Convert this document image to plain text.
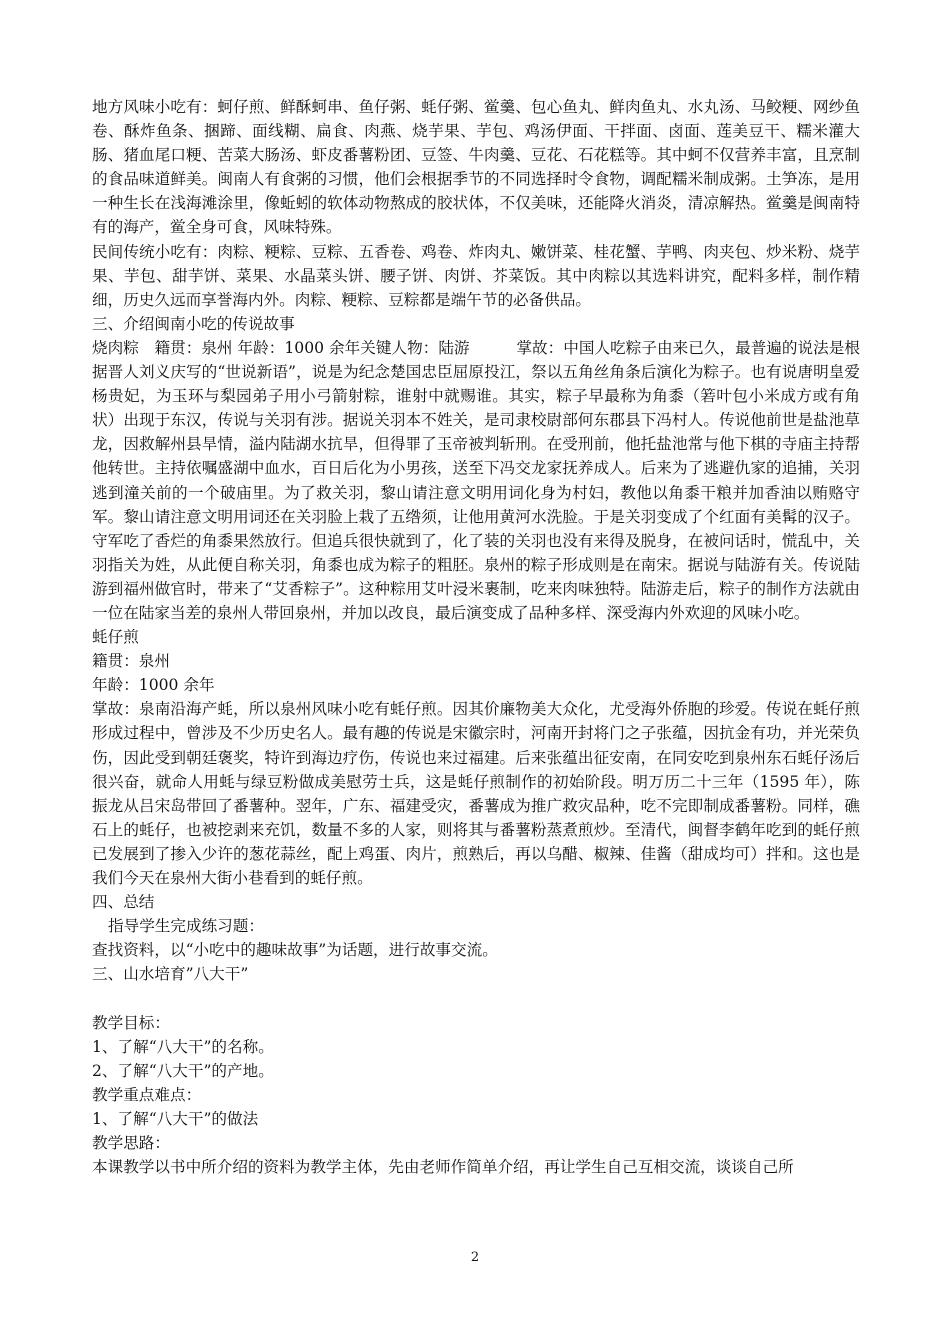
地方风味小吃有：蚵仔煎、鲜酥蚵串、鱼仔粥、蚝仔粥、鲎羹、包心鱼丸、鲜肉鱼丸、水丸汤、马鲛粳、网纱鱼卷、酥炸鱼条、捆蹄、面线糊、扁食、肉燕、烧芋果、芋包、鸡汤伊面、干拌面、卤面、莲美豆干、糯米灌大肠、猪血尾口粳、苦菜大肠汤、虾皮番薯粉团、豆签、牛肉羹、豆花、石花糕等。其中蚵不仅营养丰富，且烹制的食品味道鲜美。闽南人有食粥的习惯，他们会根据季节的不同选择时令食物，调配糯米制成粥。土笋冻，是用一种生长在浅海滩涂里，像蚯蚓的软体动物熬成的胶状体，不仅美味，还能降火消炎，清凉解热。鲎羹是闽南特有的海产，鲎全身可食，风味特殊。

民间传统小吃有：肉粽、粳粽、豆粽、五香卷、鸡卷、炸肉丸、嫩饼菜、桂花蟹、芋鸭、肉夹包、炒米粉、烧芋果、芋包、甜芋饼、菜果、水晶菜头饼、腰子饼、肉饼、芥菜饭。其中肉粽以其选料讲究，配料多样，制作精细，历史久远而享誉海内外。肉粽、粳粽、豆粽都是端午节的必备供品。

三、介绍闽南小吃的传说故事

烧肉粽　籍贯：泉州 年龄：1000 余年关键人物：陆游　　　掌故：中国人吃粽子由来已久，最普遍的说法是根据晋人刘义庆写的“世说新语”，说是为纪念楚国忠臣屈原投江，祭以五角丝角条后演化为粽子。也有说唐明皇爱杨贵妃，为玉环与梨园弟子用小弓箭射粽，谁射中就赐谁。其实，粽子早最称为角黍（箬叶包小米成方或有角状）出现于东汉，传说与关羽有涉。据说关羽本不姓关，是司隶校尉部何东郡县下冯村人。传说他前世是盐池草龙，因救解州县旱情，溢内陆湖水抗旱，但得罪了玉帝被判斩刑。在受刑前，他托盐池常与他下棋的寺庙主持帮他转世。主持依嘱盛湖中血水，百日后化为小男孩，送至下冯交龙家抚养成人。后来为了逃避仇家的追捕，关羽逃到潼关前的一个破庙里。为了救关羽，黎山请注意文明用词化身为村妇，教他以角黍干粮并加香油以贿赂守军。黎山请注意文明用词还在关羽脸上栽了五绺须，让他用黄河水洗脸。于是关羽变成了个红面有美髯的汉子。守军吃了香烂的角黍果然放行。但追兵很快就到了，化了装的关羽也没有来得及脱身，在被问话时，慌乱中，关羽指关为姓，从此便自称关羽，角黍也成为粽子的粗胚。泉州的粽子形成则是在南宋。据说与陆游有关。传说陆游到福州做官时，带来了“艾香粽子”。这种粽用艾叶浸米裹制，吃来肉味独特。陆游走后，粽子的制作方法就由一位在陆家当差的泉州人带回泉州，并加以改良，最后演变成了品种多样、深受海内外欢迎的风味小吃。

蚝仔煎

籍贯：泉州

年龄：1000 余年

掌故：泉南沿海产蚝，所以泉州风味小吃有蚝仔煎。因其价廉物美大众化，尤受海外侨胞的珍爱。传说在蚝仔煎形成过程中，曾涉及不少历史名人。最有趣的传说是宋徽宗时，河南开封将门之子张蕴，因抗金有功，并光荣负伤，因此受到朝廷褒奖，特许到海边疗伤，传说也来过福建。后来张蕴出征安南，在同安吃到泉州东石蚝仔汤后很兴奋，就命人用蚝与绿豆粉做成美慰劳士兵，这是蚝仔煎制作的初始阶段。明万历二十三年（1595 年），陈振龙从吕宋岛带回了番薯种。翌年，广东、福建受灾，番薯成为推广救灾品种，吃不完即制成番薯粉。同样，礁石上的蚝仔，也被挖剥来充饥，数量不多的人家，则将其与番薯粉蒸煮煎炒。至清代，闽督李鹤年吃到的蚝仔煎已发展到了掺入少许的葱花蒜丝，配上鸡蛋、肉片，煎熟后，再以乌醋、椒辣、佳酱（甜成均可）拌和。这也是我们今天在泉州大街小巷看到的蚝仔煎。

四、总结

指导学生完成练习题：

查找资料，以“小吃中的趣味故事”为话题，进行故事交流。

三、山水培育”八大干”

教学目标：

1、了解“八大干”的名称。

2、了解“八大干”的产地。

教学重点难点：

1、了解“八大干”的做法

教学思路：

本课教学以书中所介绍的资料为教学主体，先由老师作简单介绍，再让学生自己互相交流，谈谈自己所

2
